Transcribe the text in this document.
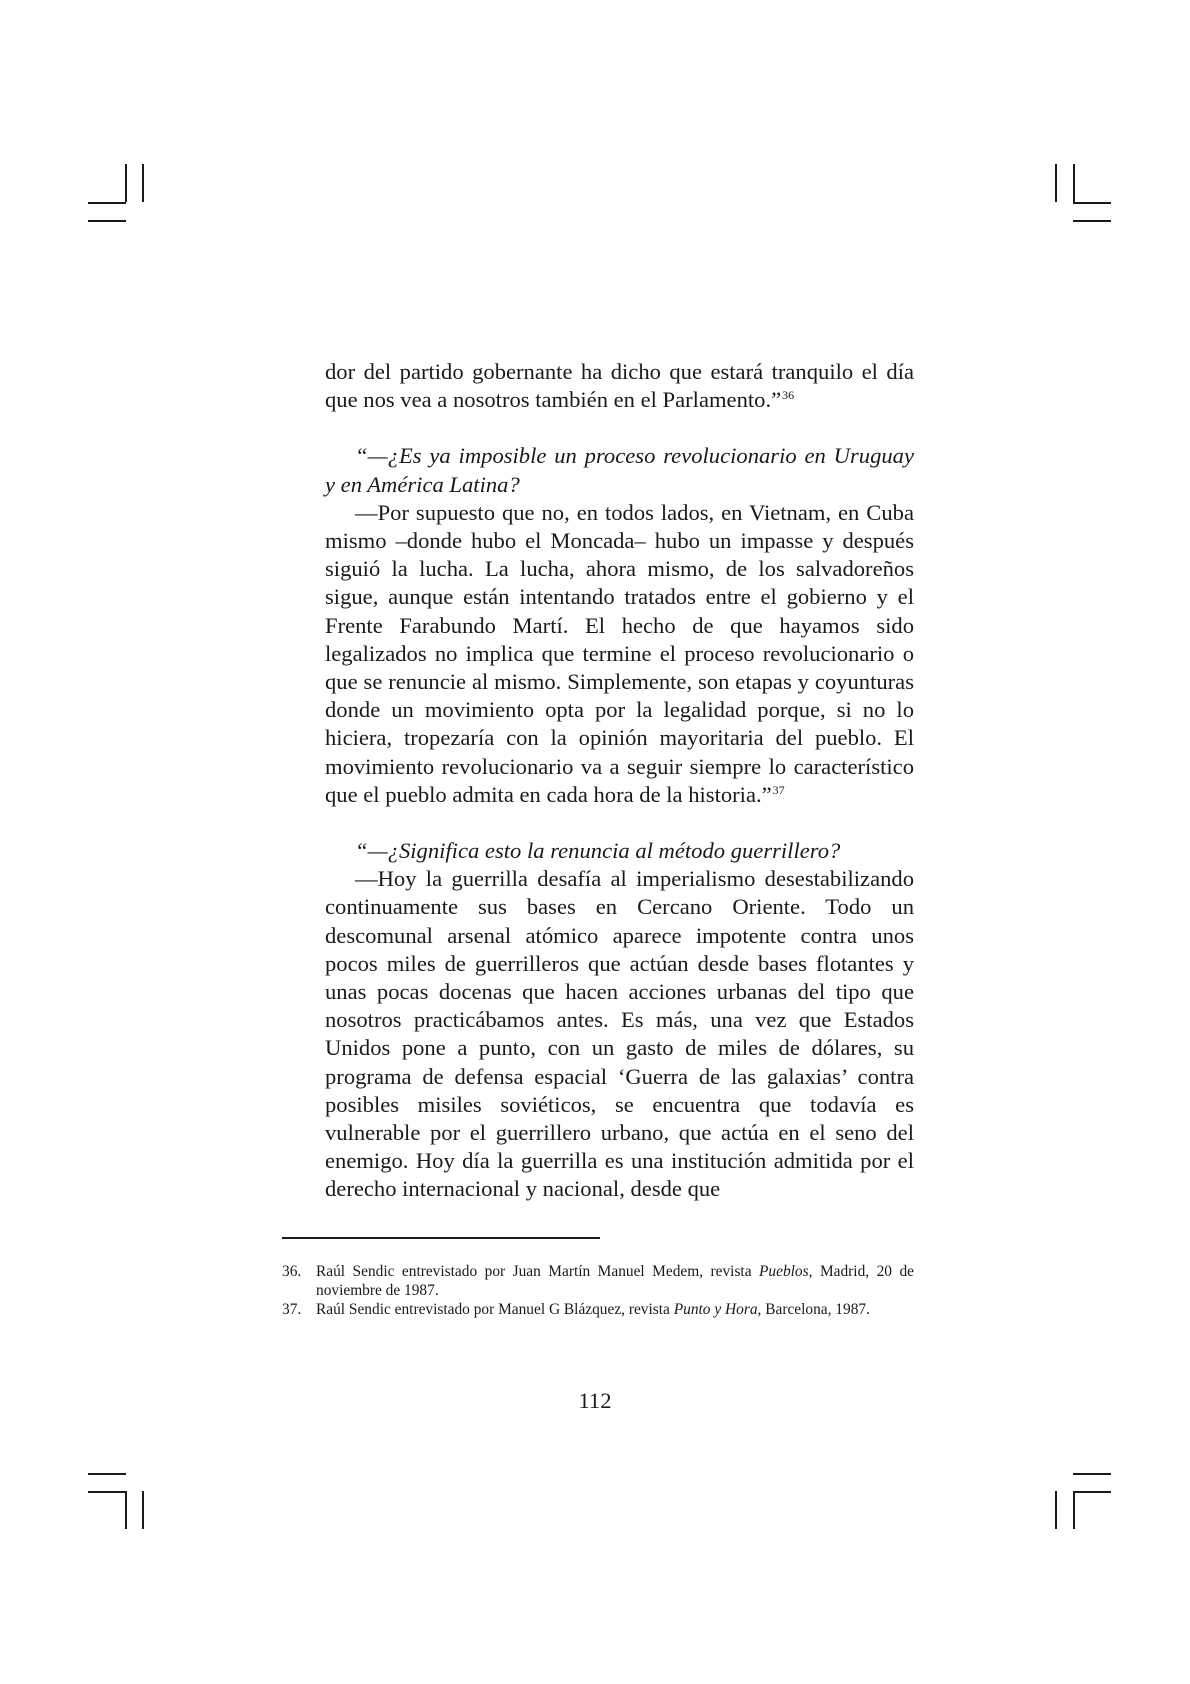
dor del partido gobernante ha dicho que estará tranquilo el día que nos vea a nosotros también en el Parlamento.”$^{36}$

“—¿Es ya imposible un proceso revolucionario en Uruguay y en América Latina?

—Por supuesto que no, en todos lados, en Vietnam, en Cuba mismo –donde hubo el Moncada– hubo un impasse y después siguió la lucha. La lucha, ahora mismo, de los salvadoreños sigue, aunque están intentando tratados entre el gobierno y el Frente Farabundo Martí. El hecho de que hayamos sido legalizados no implica que termine el proceso revolucionario o que se renuncie al mismo. Simplemente, son etapas y coyunturas donde un movimiento opta por la legalidad porque, si no lo hiciera, tropezaría con la opinión mayoritaria del pueblo. El movimiento revolucionario va a seguir siempre lo característico que el pueblo admita en cada hora de la historia.”$^{37}$

“—¿Significa esto la renuncia al método guerrillero?

—Hoy la guerrilla desafía al imperialismo desestabilizando continuamente sus bases en Cercano Oriente. Todo un descomunal arsenal atómico aparece impotente contra unos pocos miles de guerrilleros que actúan desde bases flotantes y unas pocas docenas que hacen acciones urbanas del tipo que nosotros practicábamos antes. Es más, una vez que Estados Unidos pone a punto, con un gasto de miles de dólares, su programa de defensa espacial ‘Guerra de las galaxias’ contra posibles misiles soviéticos, se encuentra que todavía es vulnerable por el guerrillero urbano, que actúa en el seno del enemigo. Hoy día la guerrilla es una institución admitida por el derecho internacional y nacional, desde que

36. Raúl Sendic entrevistado por Juan Martín Manuel Medem, revista Pueblos, Madrid, 20 de noviembre de 1987.
37. Raúl Sendic entrevistado por Manuel G Blázquez, revista Punto y Hora, Barcelona, 1987.
112
